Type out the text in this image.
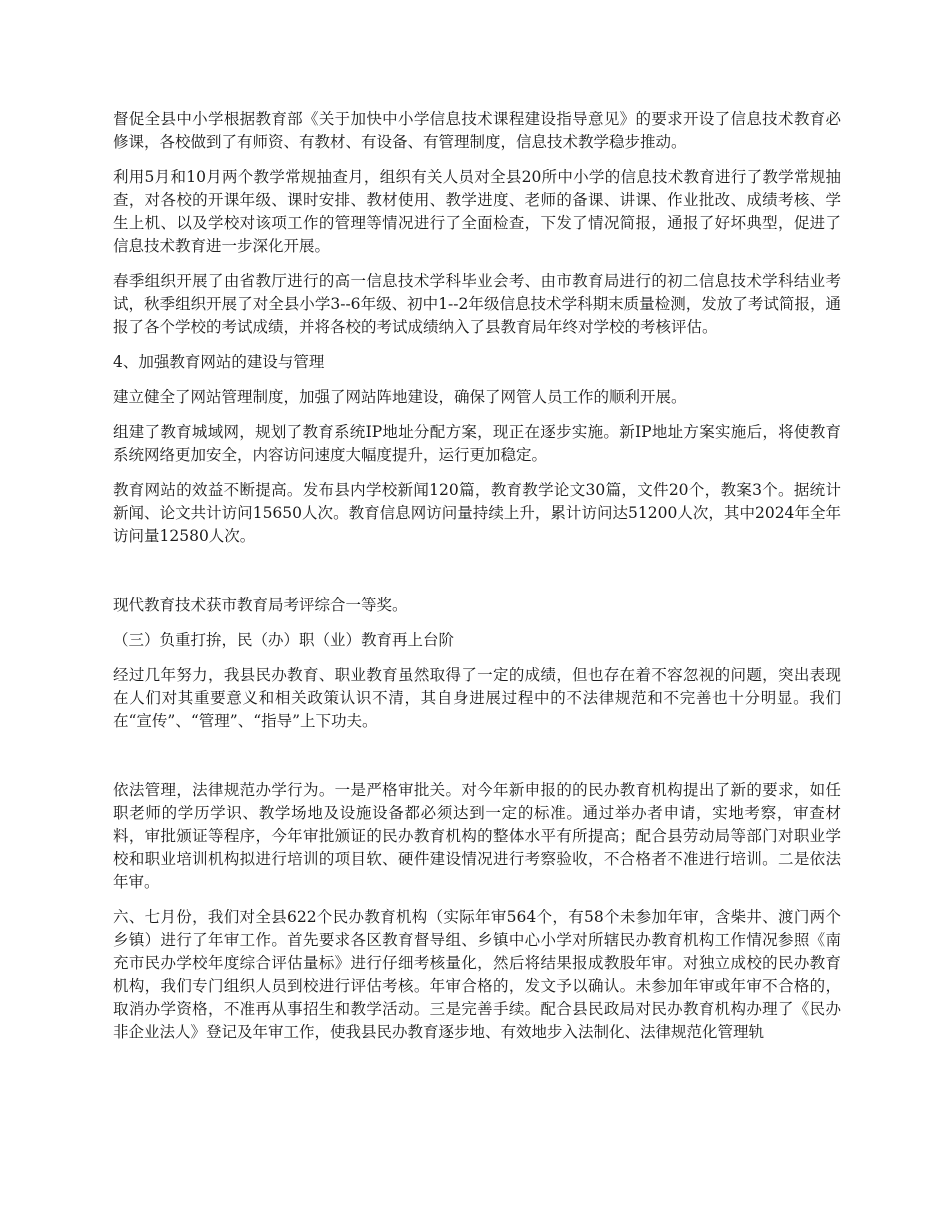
督促全县中小学根据教育部《关于加快中小学信息技术课程建设指导意见》的要求开设了信息技术教育必修课，各校做到了有师资、有教材、有设备、有管理制度，信息技术教学稳步推动。

利用5月和10月两个教学常规抽查月，组织有关人员对全县20所中小学的信息技术教育进行了教学常规抽查，对各校的开课年级、课时安排、教材使用、教学进度、老师的备课、讲课、作业批改、成绩考核、学生上机、以及学校对该项工作的管理等情况进行了全面检查，下发了情况简报，通报了好坏典型，促进了信息技术教育进一步深化开展。

春季组织开展了由省教厅进行的高一信息技术学科毕业会考、由市教育局进行的初二信息技术学科结业考试，秋季组织开展了对全县小学3--6年级、初中1--2年级信息技术学科期末质量检测，发放了考试简报，通报了各个学校的考试成绩，并将各校的考试成绩纳入了县教育局年终对学校的考核评估。

4、加强教育网站的建设与管理

建立健全了网站管理制度，加强了网站阵地建设，确保了网管人员工作的顺利开展。

组建了教育城域网，规划了教育系统IP地址分配方案，现正在逐步实施。新IP地址方案实施后，将使教育系统网络更加安全，内容访问速度大幅度提升，运行更加稳定。

教育网站的效益不断提高。发布县内学校新闻120篇，教育教学论文30篇，文件20个，教案3个。据统计新闻、论文共计访问15650人次。教育信息网访问量持续上升，累计访问达51200人次，其中2024年全年访问量12580人次。

现代教育技术获市教育局考评综合一等奖。

（三）负重打拚，民（办）职（业）教育再上台阶

经过几年努力，我县民办教育、职业教育虽然取得了一定的成绩，但也存在着不容忽视的问题，突出表现在人们对其重要意义和相关政策认识不清，其自身进展过程中的不法律规范和不完善也十分明显。我们在“宣传”、“管理”、“指导”上下功夫。

依法管理，法律规范办学行为。一是严格审批关。对今年新申报的的民办教育机构提出了新的要求，如任职老师的学历学识、教学场地及设施设备都必须达到一定的标准。通过举办者申请，实地考察，审查材料，审批颁证等程序，今年审批颁证的民办教育机构的整体水平有所提高；配合县劳动局等部门对职业学校和职业培训机构拟进行培训的项目软、硬件建设情况进行考察验收，不合格者不准进行培训。二是依法年审。

六、七月份，我们对全县622个民办教育机构（实际年审564个，有58个未参加年审，含柴井、渡门两个乡镇）进行了年审工作。首先要求各区教育督导组、乡镇中心小学对所辖民办教育机构工作情况参照《南充市民办学校年度综合评估量标》进行仔细考核量化，然后将结果报成教股年审。对独立成校的民办教育机构，我们专门组织人员到校进行评估考核。年审合格的，发文予以确认。未参加年审或年审不合格的，取消办学资格，不准再从事招生和教学活动。三是完善手续。配合县民政局对民办教育机构办理了《民办非企业法人》登记及年审工作，使我县民办教育逐步地、有效地步入法制化、法律规范化管理轨
